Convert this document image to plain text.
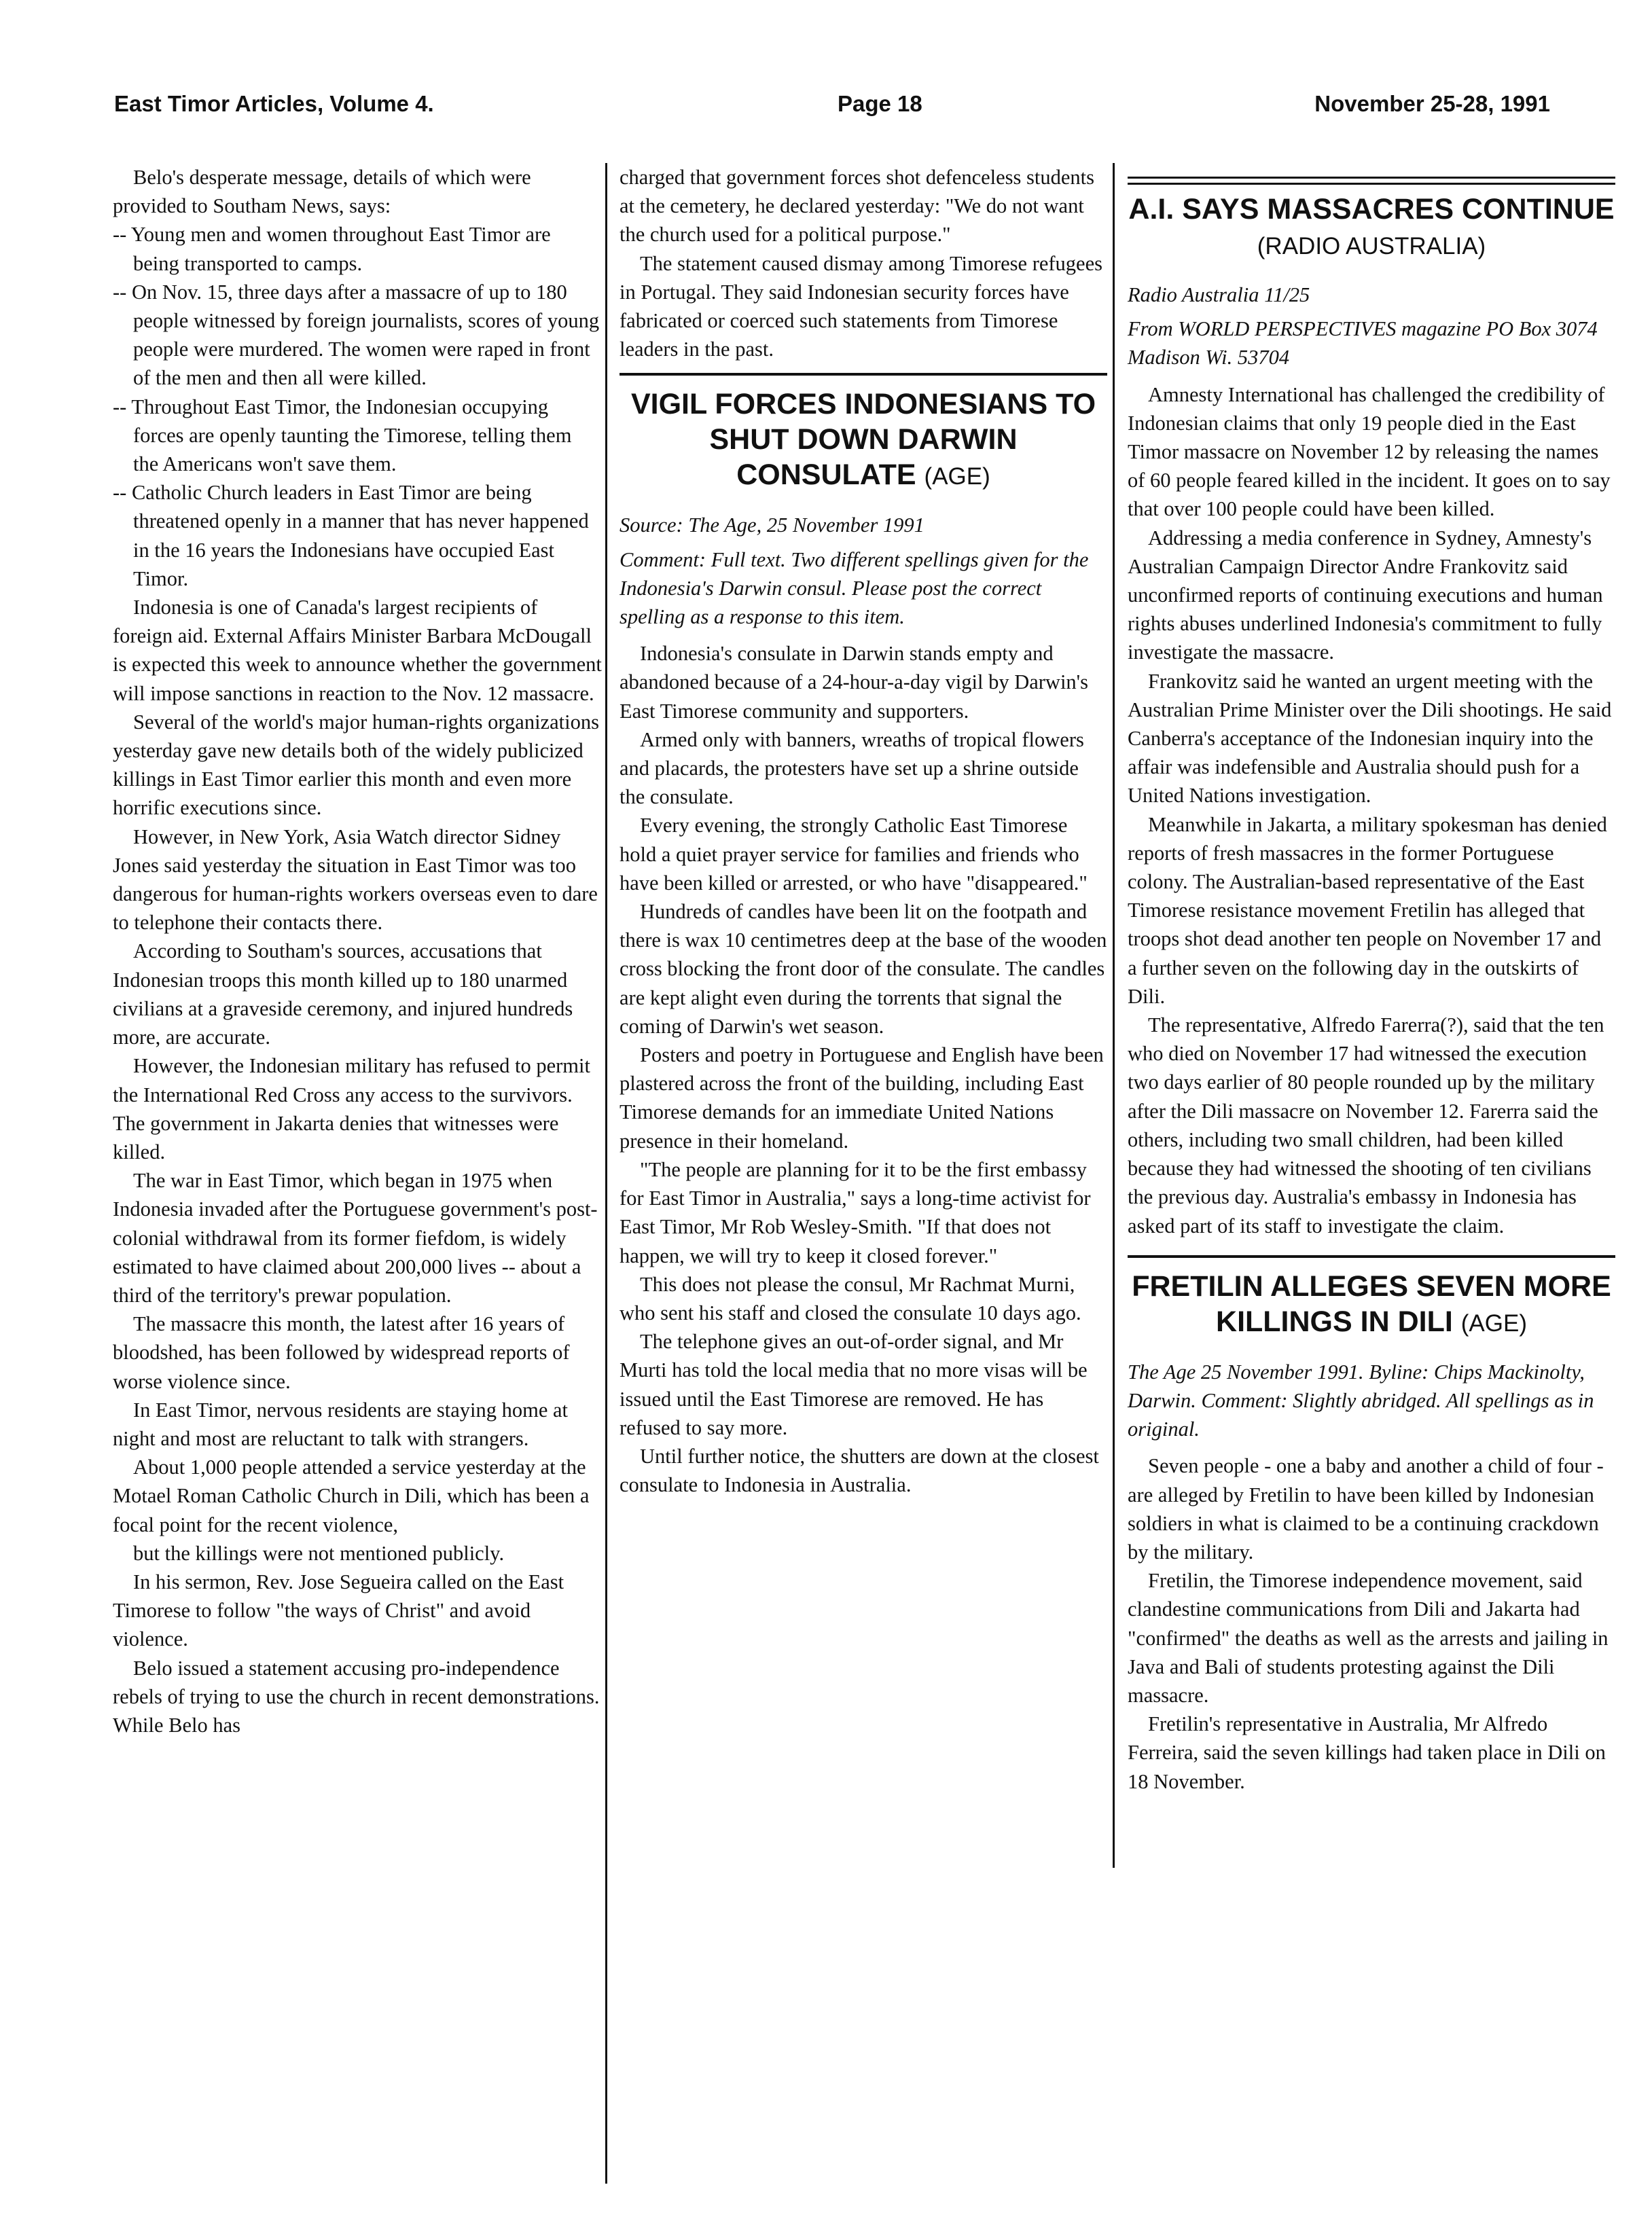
East Timor Articles, Volume 4.	Page 18	November 25-28, 1991

Belo's desperate message, details of which were provided to Southam News, says:

-- Young men and women throughout East Timor are being transported to camps.

-- On Nov. 15, three days after a massacre of up to 180 people witnessed by foreign journalists, scores of young people were murdered. The women were raped in front of the men and then all were killed.

-- Throughout East Timor, the Indonesian occupying forces are openly taunting the Timorese, telling them the Americans won't save them.

-- Catholic Church leaders in East Timor are being threatened openly in a manner that has never happened in the 16 years the Indonesians have occupied East Timor.

Indonesia is one of Canada's largest recipients of foreign aid. External Affairs Minister Barbara McDougall is expected this week to announce whether the government will impose sanctions in reaction to the Nov. 12 massacre.

Several of the world's major human-rights organizations yesterday gave new details both of the widely publicized killings in East Timor earlier this month and even more horrific executions since.

However, in New York, Asia Watch director Sidney Jones said yesterday the situation in East Timor was too dangerous for human-rights workers overseas even to dare to telephone their contacts there.

According to Southam's sources, accusations that Indonesian troops this month killed up to 180 unarmed civilians at a graveside ceremony, and injured hundreds more, are accurate.

However, the Indonesian military has refused to permit the International Red Cross any access to the survivors. The government in Jakarta denies that witnesses were killed.

The war in East Timor, which began in 1975 when Indonesia invaded after the Portuguese government's post-colonial withdrawal from its former fiefdom, is widely estimated to have claimed about 200,000 lives -- about a third of the territory's prewar population.

The massacre this month, the latest after 16 years of bloodshed, has been followed by widespread reports of worse violence since.

In East Timor, nervous residents are staying home at night and most are reluctant to talk with strangers.

About 1,000 people attended a service yesterday at the Motael Roman Catholic Church in Dili, which has been a focal point for the recent violence,

but the killings were not mentioned publicly.

In his sermon, Rev. Jose Segueira called on the East Timorese to follow "the ways of Christ" and avoid violence.

Belo issued a statement accusing pro-independence rebels of trying to use the church in recent demonstrations. While Belo has

charged that government forces shot defenceless students at the cemetery, he declared yesterday: "We do not want the church used for a political purpose."

The statement caused dismay among Timorese refugees in Portugal. They said Indonesian security forces have fabricated or coerced such statements from Timorese leaders in the past.

VIGIL FORCES INDONESIANS TO SHUT DOWN DARWIN CONSULATE (AGE)

Source: The Age, 25 November 1991

Comment: Full text. Two different spellings given for the Indonesia's Darwin consul. Please post the correct spelling as a response to this item.

Indonesia's consulate in Darwin stands empty and abandoned because of a 24-hour-a-day vigil by Darwin's East Timorese community and supporters.

Armed only with banners, wreaths of tropical flowers and placards, the protesters have set up a shrine outside the consulate.

Every evening, the strongly Catholic East Timorese hold a quiet prayer service for families and friends who have been killed or arrested, or who have "disappeared."

Hundreds of candles have been lit on the footpath and there is wax 10 centimetres deep at the base of the wooden cross blocking the front door of the consulate. The candles are kept alight even during the torrents that signal the coming of Darwin's wet season.

Posters and poetry in Portuguese and English have been plastered across the front of the building, including East Timorese demands for an immediate United Nations presence in their homeland.

"The people are planning for it to be the first embassy for East Timor in Australia," says a long-time activist for East Timor, Mr Rob Wesley-Smith. "If that does not happen, we will try to keep it closed forever."

This does not please the consul, Mr Rachmat Murni, who sent his staff and closed the consulate 10 days ago.

The telephone gives an out-of-order signal, and Mr Murti has told the local media that no more visas will be issued until the East Timorese are removed. He has refused to say more.

Until further notice, the shutters are down at the closest consulate to Indonesia in Australia.

A.I. SAYS MASSACRES CONTINUE (RADIO AUSTRALIA)

Radio Australia 11/25

From WORLD PERSPECTIVES magazine PO Box 3074 Madison Wi. 53704

Amnesty International has challenged the credibility of Indonesian claims that only 19 people died in the East Timor massacre on November 12 by releasing the names of 60 people feared killed in the incident. It goes on to say that over 100 people could have been killed.

Addressing a media conference in Sydney, Amnesty's Australian Campaign Director Andre Frankovitz said unconfirmed reports of continuing executions and human rights abuses underlined Indonesia's commitment to fully investigate the massacre.

Frankovitz said he wanted an urgent meeting with the Australian Prime Minister over the Dili shootings. He said Canberra's acceptance of the Indonesian inquiry into the affair was indefensible and Australia should push for a United Nations investigation.

Meanwhile in Jakarta, a military spokesman has denied reports of fresh massacres in the former Portuguese colony. The Australian-based representative of the East Timorese resistance movement Fretilin has alleged that troops shot dead another ten people on November 17 and a further seven on the following day in the outskirts of Dili.

The representative, Alfredo Farerra(?), said that the ten who died on November 17 had witnessed the execution two days earlier of 80 people rounded up by the military after the Dili massacre on November 12. Farerra said the others, including two small children, had been killed because they had witnessed the shooting of ten civilians the previous day. Australia's embassy in Indonesia has asked part of its staff to investigate the claim.

FRETILIN ALLEGES SEVEN MORE KILLINGS IN DILI (AGE)

The Age 25 November 1991. Byline: Chips Mackinolty, Darwin. Comment: Slightly abridged. All spellings as in original.

Seven people - one a baby and another a child of four - are alleged by Fretilin to have been killed by Indonesian soldiers in what is claimed to be a continuing crackdown by the military.

Fretilin, the Timorese independence movement, said clandestine communications from Dili and Jakarta had "confirmed" the deaths as well as the arrests and jailing in Java and Bali of students protesting against the Dili massacre.

Fretilin's representative in Australia, Mr Alfredo Ferreira, said the seven killings had taken place in Dili on 18 November.
